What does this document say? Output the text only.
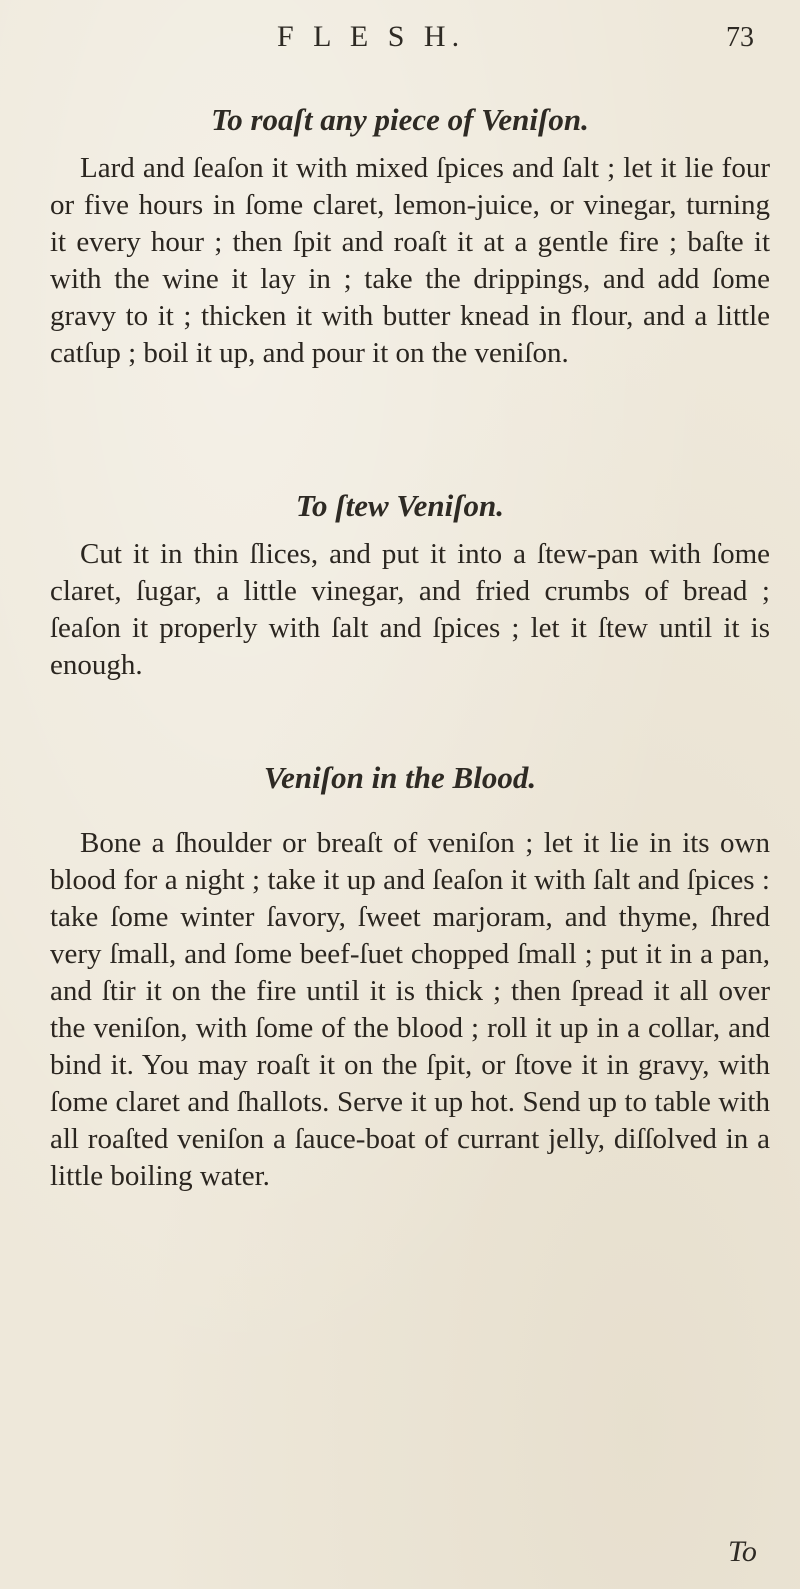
F L E S H.	73
To roaſt any piece of Veniſon.

Lard and ſeaſon it with mixed ſpices and ſalt ; let it lie four or five hours in ſome claret, lemon-juice, or vinegar, turning it every hour ; then ſpit and roaſt it at a gentle fire ; baſte it with the wine it lay in ; take the drippings, and add ſome gravy to it ; thicken it with butter knead in flour, and a little catſup ; boil it up, and pour it on the veniſon.

To ſtew Veniſon.

Cut it in thin ſlices, and put it into a ſtew-pan with ſome claret, ſugar, a little vinegar, and fried crumbs of bread ; ſeaſon it properly with ſalt and ſpices ; let it ſtew until it is enough.

Veniſon in the Blood.

Bone a ſhoulder or breaſt of veniſon ; let it lie in its own blood for a night ; take it up and ſeaſon it with ſalt and ſpices : take ſome winter ſavory, ſweet marjoram, and thyme, ſhred very ſmall, and ſome beef-ſuet chopped ſmall ; put it in a pan, and ſtir it on the fire until it is thick ; then ſpread it all over the veniſon, with ſome of the blood ; roll it up in a collar, and bind it. You may roaſt it on the ſpit, or ſtove it in gravy, with ſome claret and ſhallots. Serve it up hot. Send up to table with all roaſted veniſon a ſauce-boat of currant jelly, diſſolved in a little boiling water.

To
